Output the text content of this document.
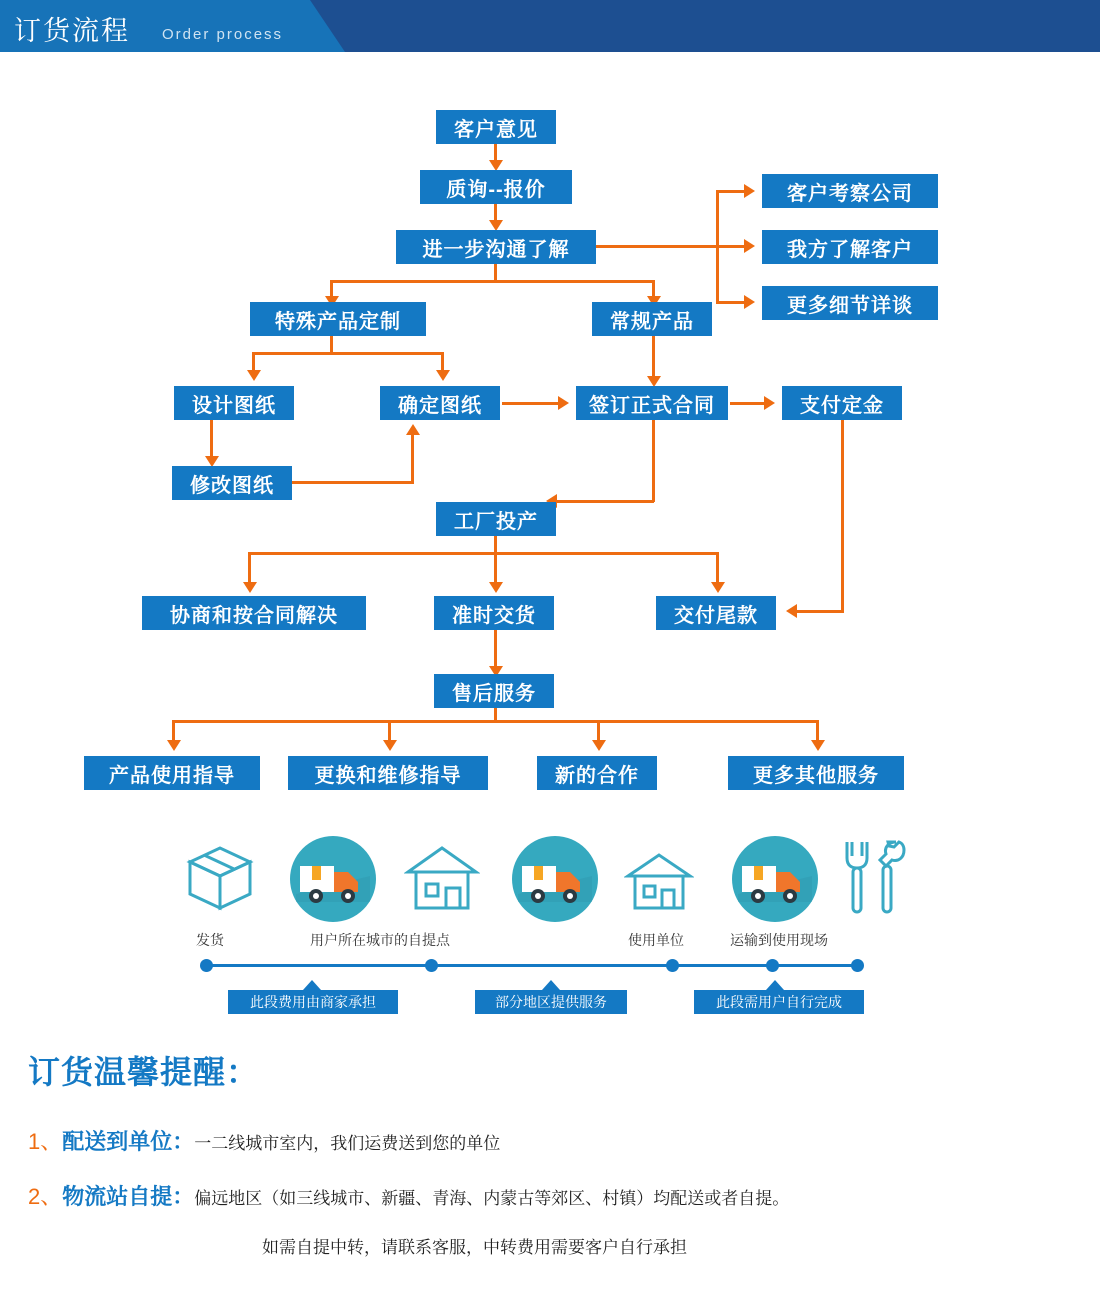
订货流程 Order process
客户意见
质询--报价
进一步沟通了解
客户考察公司
我方了解客户
更多细节详谈
特殊产品定制	常规产品
设计图纸	确定图纸	签订正式合同	支付定金
修改图纸
工厂投产
协商和按合同解决	准时交货	交付尾款
售后服务
产品使用指导	更换和维修指导	新的合作	更多其他服务
发货	用户所在城市的自提点	使用单位	运输到使用现场
此段费用由商家承担	部分地区提供服务	此段需用户自行完成
订货温馨提醒：
1、配送到单位：一二线城市室内，我们运费送到您的单位
2、物流站自提：偏远地区（如三线城市、新疆、青海、内蒙古等郊区、村镇）均配送或者自提。
如需自提中转，请联系客服，中转费用需要客户自行承担
